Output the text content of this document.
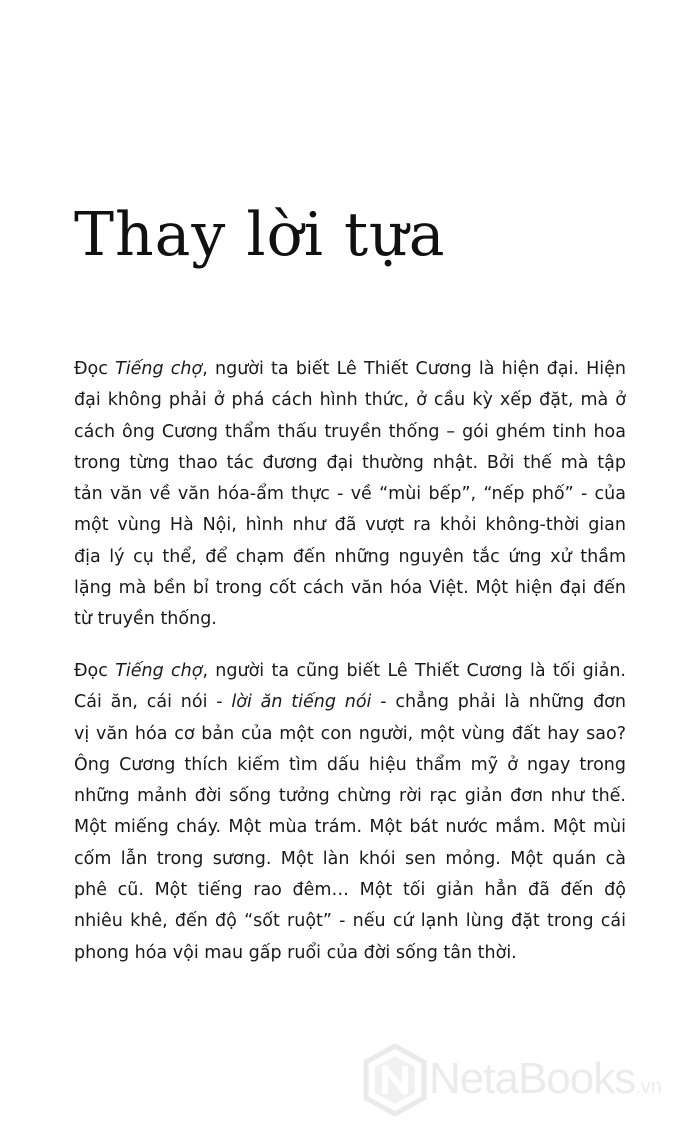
Thay lời tựa
Đọc Tiếng chợ, người ta biết Lê Thiết Cương là hiện đại. Hiện
đại không phải ở phá cách hình thức, ở cầu kỳ xếp đặt, mà ở
cách ông Cương thẩm thấu truyền thống – gói ghém tinh hoa
trong từng thao tác đương đại thường nhật. Bởi thế mà tập
tản văn về văn hóa-ẩm thực - về “mùi bếp”, “nếp phố” - của
một vùng Hà Nội, hình như đã vượt ra khỏi không-thời gian
địa lý cụ thể, để chạm đến những nguyên tắc ứng xử thầm
lặng mà bền bỉ trong cốt cách văn hóa Việt. Một hiện đại đến
từ truyền thống.
Đọc Tiếng chợ, người ta cũng biết Lê Thiết Cương là tối giản.
Cái ăn, cái nói - lời ăn tiếng nói - chẳng phải là những đơn
vị văn hóa cơ bản của một con người, một vùng đất hay sao?
Ông Cương thích kiếm tìm dấu hiệu thẩm mỹ ở ngay trong
những mảnh đời sống tưởng chừng rời rạc giản đơn như thế.
Một miếng cháy. Một mùa trám. Một bát nước mắm. Một mùi
cốm lẫn trong sương. Một làn khói sen mỏng. Một quán cà
phê cũ. Một tiếng rao đêm… Một tối giản hẳn đã đến độ
nhiêu khê, đến độ “sốt ruột” - nếu cứ lạnh lùng đặt trong cái
phong hóa vội mau gấp ruổi của đời sống tân thời.
NetaBooks.vn
